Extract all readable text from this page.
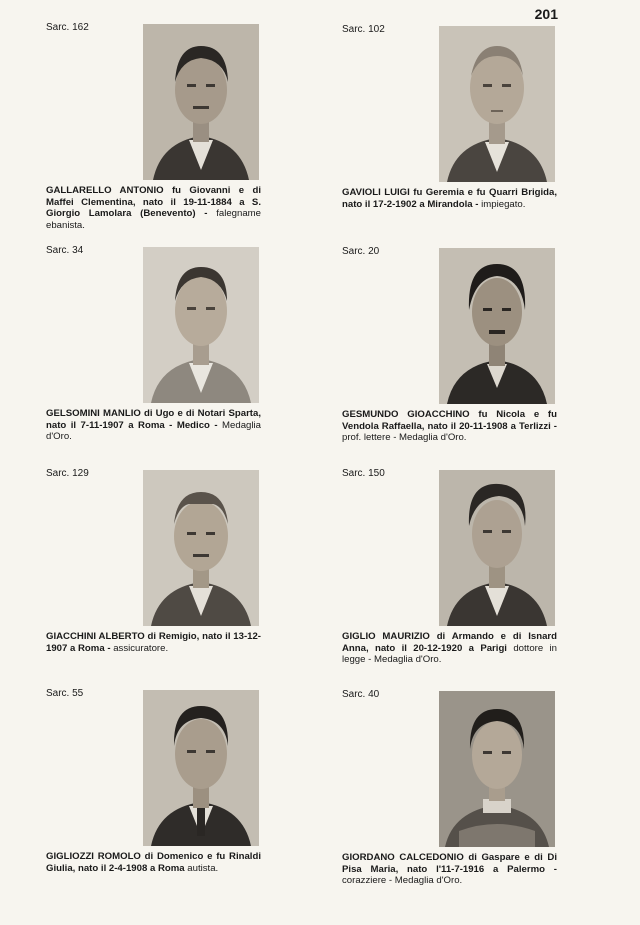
201

Sarc. 162

GALLARELLO ANTONIO fu Giovanni e di Maffei Clementina, nato il 19-11-1884 a S. Giorgio Lamolara (Benevento) - falegname ebanista.

Sarc. 102

GAVIOLI LUIGI fu Geremia e fu Quarri Brigida, nato il 17-2-1902 a Mirandola - impiegato.

Sarc. 34

GELSOMINI MANLIO di Ugo e di Notari Sparta, nato il 7-11-1907 a Roma - Medico - Medaglia d'Oro.

Sarc. 20

GESMUNDO GIOACCHINO fu Nicola e fu Vendola Raffaella, nato il 20-11-1908 a Terlizzi - prof. lettere - Medaglia d'Oro.

Sarc. 129

GIACCHINI ALBERTO di Remigio, nato il 13-12-1907 a Roma - assicuratore.

Sarc. 150

GIGLIO MAURIZIO di Armando e di Isnard Anna, nato il 20-12-1920 a Parigi dottore in legge - Medaglia d'Oro.

Sarc. 55

GIGLIOZZI ROMOLO di Domenico e fu Rinaldi Giulia, nato il 2-4-1908 a Roma autista.

Sarc. 40

GIORDANO CALCEDONIO di Gaspare e di Di Pisa Maria, nato l'11-7-1916 a Palermo - corazziere - Medaglia d'Oro.
